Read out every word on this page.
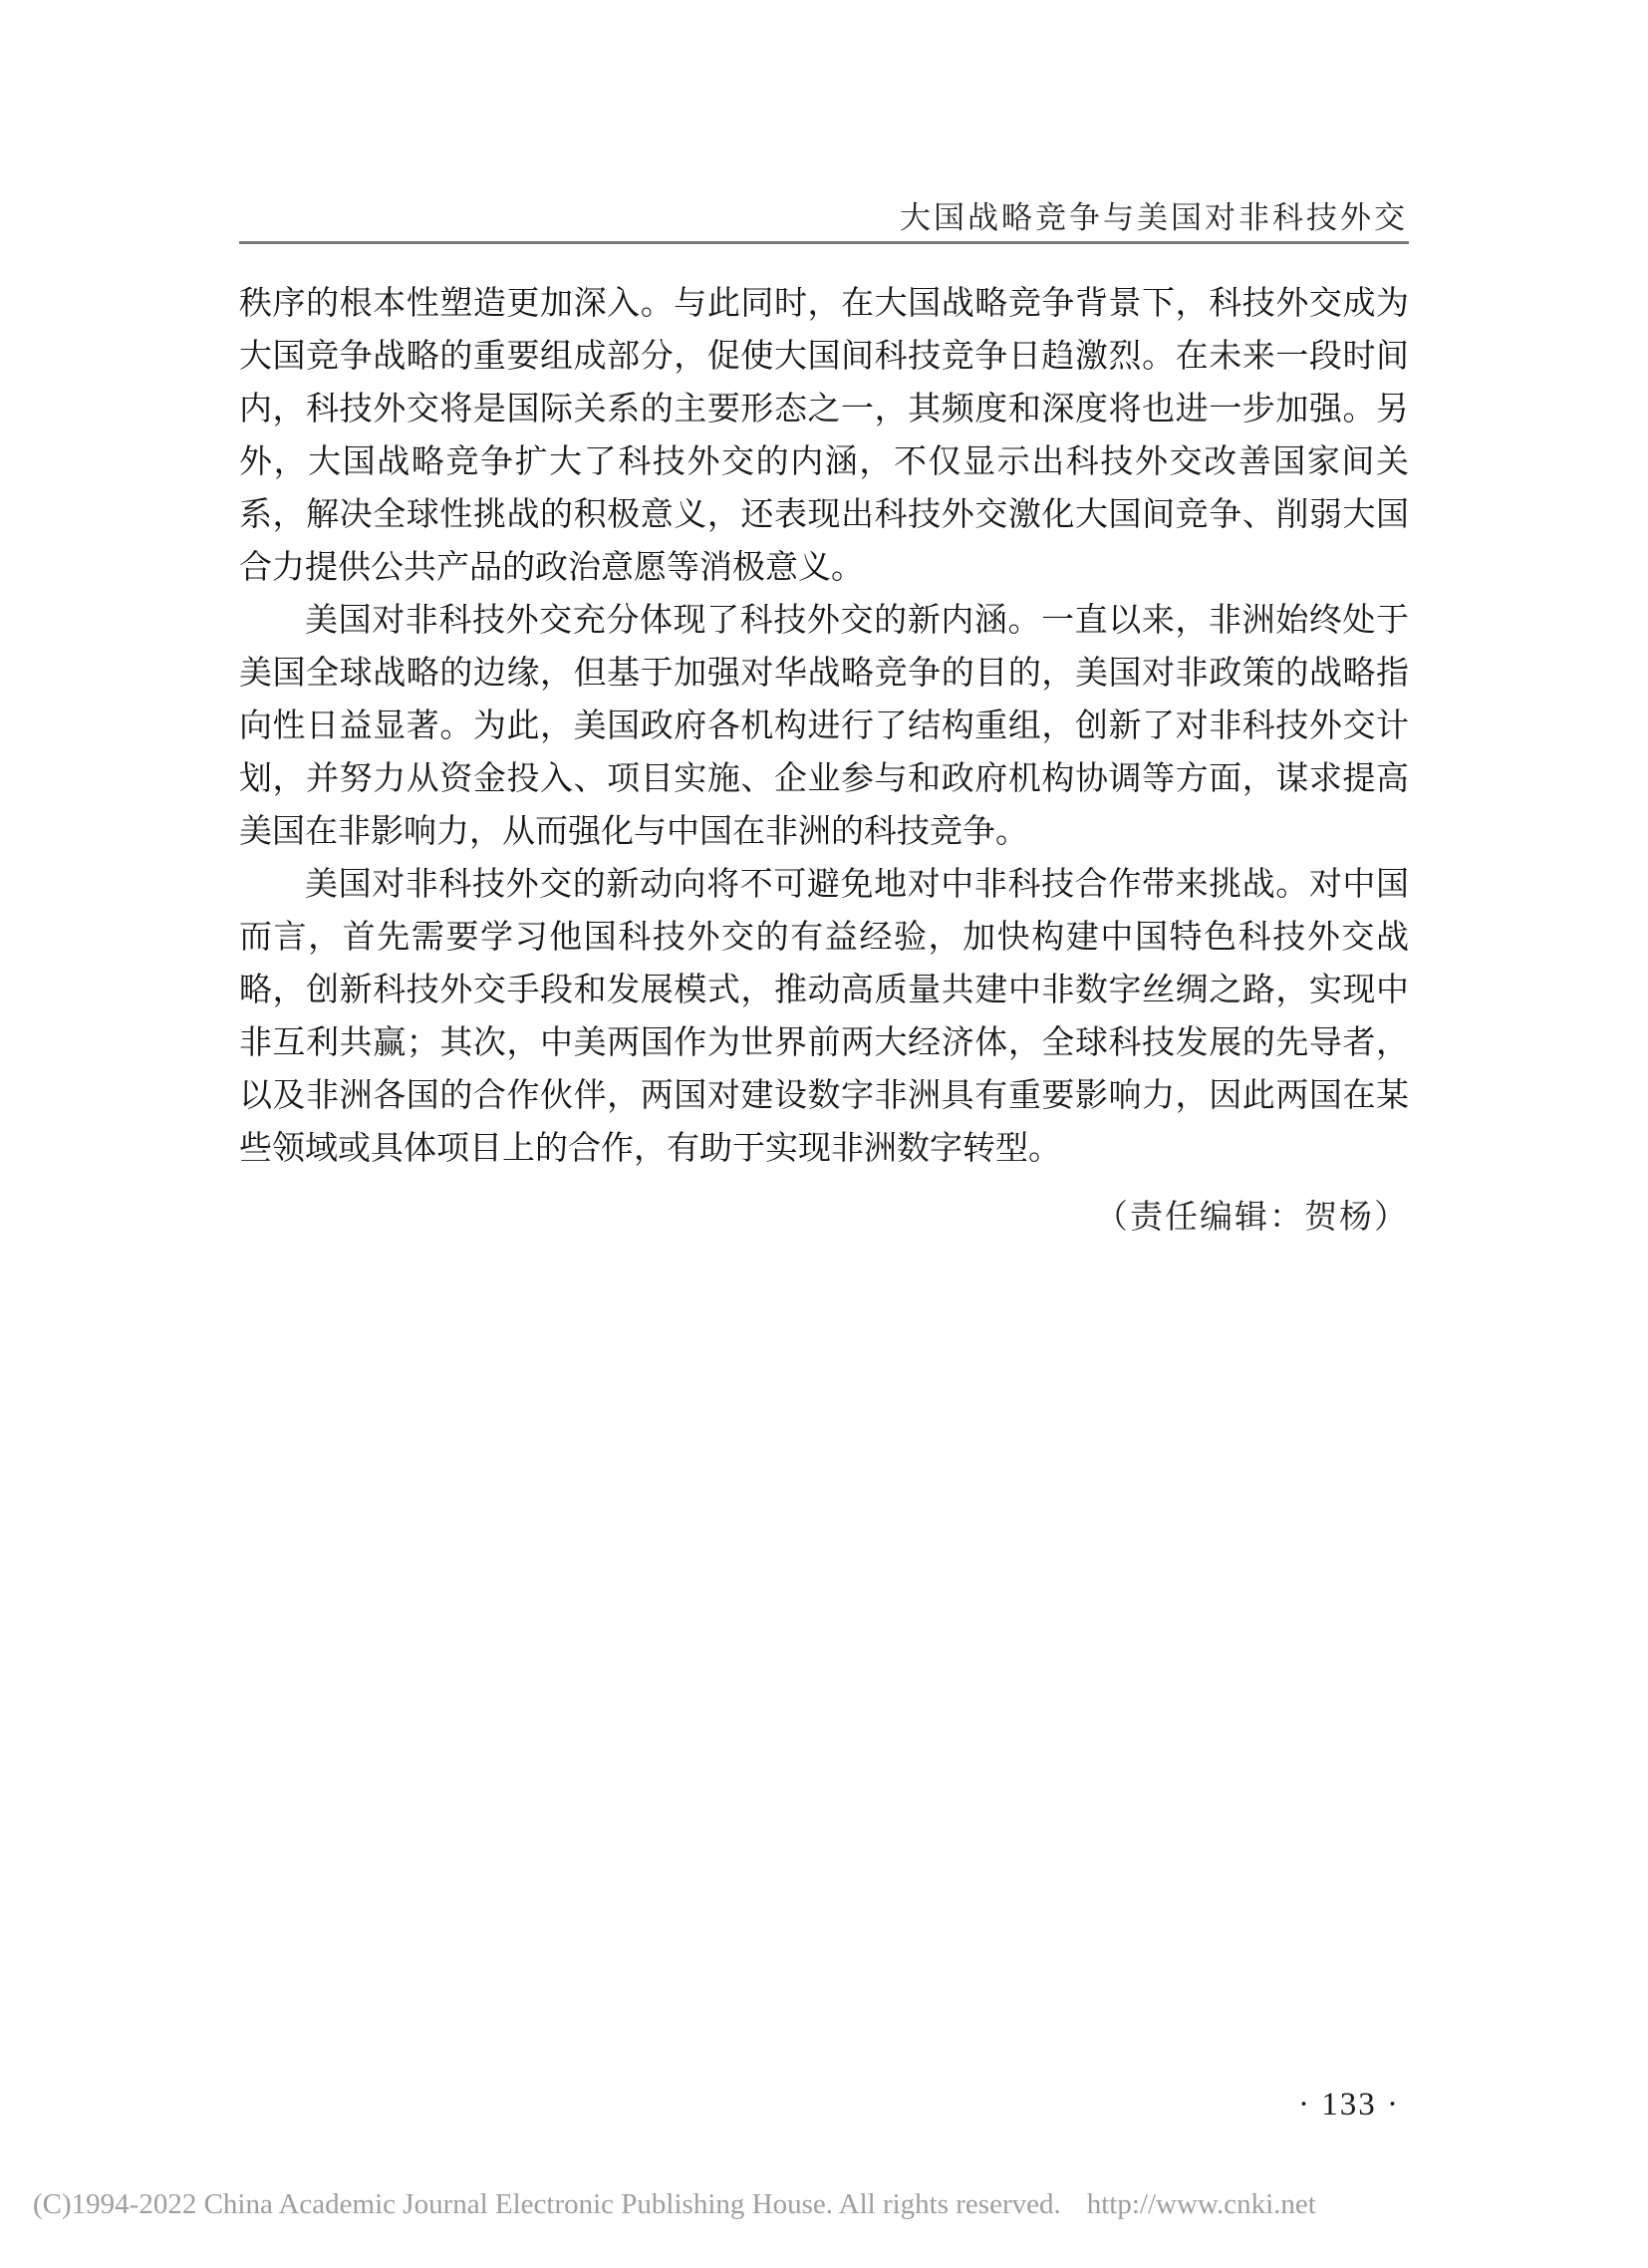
大国战略竞争与美国对非科技外交

秩序的根本性塑造更加深入。与此同时，在大国战略竞争背景下，科技外交成为大国竞争战略的重要组成部分，促使大国间科技竞争日趋激烈。在未来一段时间内，科技外交将是国际关系的主要形态之一，其频度和深度将也进一步加强。另外，大国战略竞争扩大了科技外交的内涵，不仅显示出科技外交改善国家间关系，解决全球性挑战的积极意义，还表现出科技外交激化大国间竞争、削弱大国合力提供公共产品的政治意愿等消极意义。

美国对非科技外交充分体现了科技外交的新内涵。一直以来，非洲始终处于美国全球战略的边缘，但基于加强对华战略竞争的目的，美国对非政策的战略指向性日益显著。为此，美国政府各机构进行了结构重组，创新了对非科技外交计划，并努力从资金投入、项目实施、企业参与和政府机构协调等方面，谋求提高美国在非影响力，从而强化与中国在非洲的科技竞争。

美国对非科技外交的新动向将不可避免地对中非科技合作带来挑战。对中国而言，首先需要学习他国科技外交的有益经验，加快构建中国特色科技外交战略，创新科技外交手段和发展模式，推动高质量共建中非数字丝绸之路，实现中非互利共赢；其次，中美两国作为世界前两大经济体，全球科技发展的先导者，以及非洲各国的合作伙伴，两国对建设数字非洲具有重要影响力，因此两国在某些领域或具体项目上的合作，有助于实现非洲数字转型。

（责任编辑：贺杨）
· 133 ·
(C)1994-2022 China Academic Journal Electronic Publishing House. All rights reserved. http://www.cnki.net
